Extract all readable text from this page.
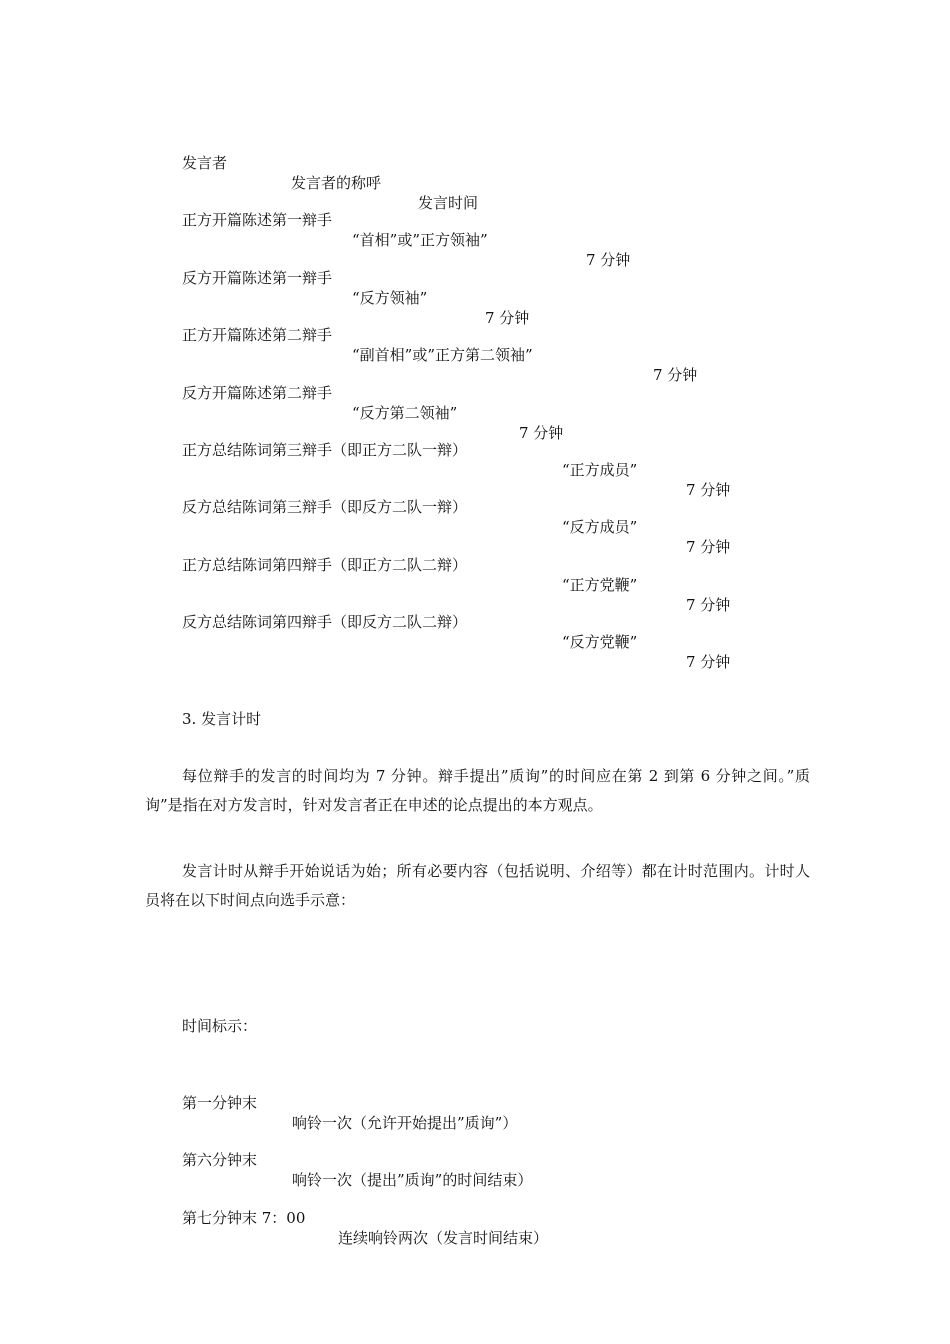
发言者

发言者的称呼

发言时间

正方开篇陈述第一辩手

“首相”或”正方领袖”

7 分钟

反方开篇陈述第一辩手

“反方领袖”

7 分钟

正方开篇陈述第二辩手

“副首相”或”正方第二领袖”

7 分钟

反方开篇陈述第二辩手

“反方第二领袖”

7 分钟

正方总结陈词第三辩手（即正方二队一辩）

“正方成员”

7 分钟

反方总结陈词第三辩手（即反方二队一辩）

“反方成员”

7 分钟

正方总结陈词第四辩手（即正方二队二辩）

“正方党鞭”

7 分钟

反方总结陈词第四辩手（即反方二队二辩）

“反方党鞭”

7 分钟

3. 发言计时

每位辩手的发言的时间均为 7 分钟。辩手提出”质询”的时间应在第 2 到第 6 分钟之间。”质询”是指在对方发言时，针对发言者正在申述的论点提出的本方观点。

发言计时从辩手开始说话为始；所有必要内容（包括说明、介绍等）都在计时范围内。计时人员将在以下时间点向选手示意：

时间标示：

第一分钟末

响铃一次（允许开始提出”质询”）

第六分钟末

响铃一次（提出”质询”的时间结束）

第七分钟末 7：00

连续响铃两次（发言时间结束）
